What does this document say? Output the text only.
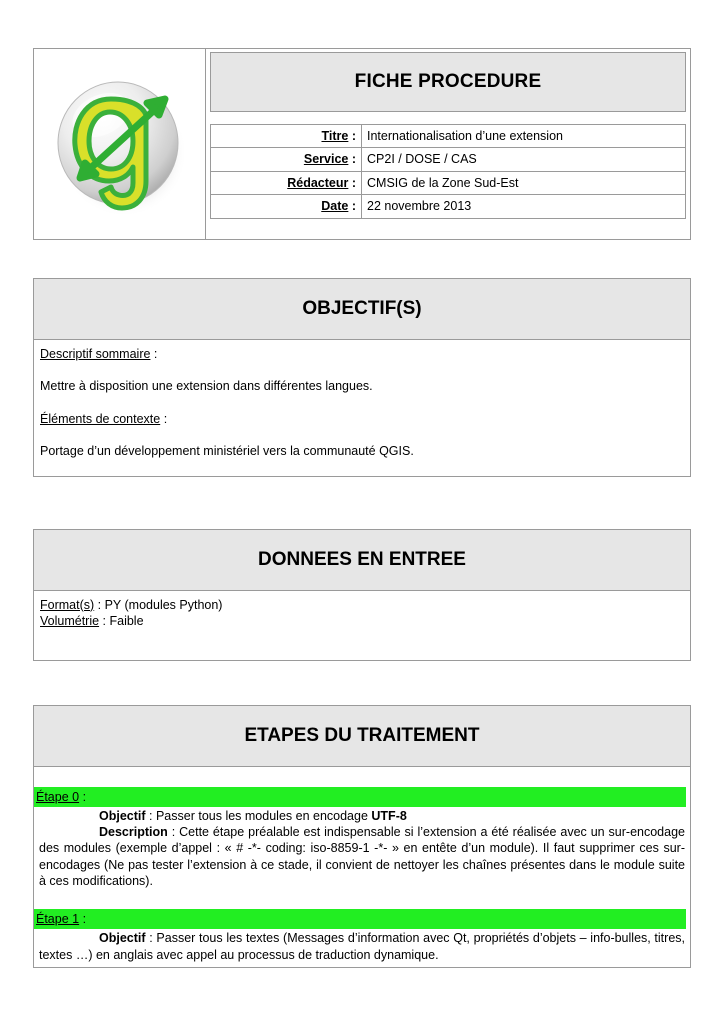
FICHE PROCEDURE
Titre :	Internationalisation d’une extension
Service :	CP2I / DOSE / CAS
Rédacteur :	CMSIG de la Zone Sud-Est
Date :	22 novembre 2013
OBJECTIF(S)
Descriptif sommaire :
Mettre à disposition une extension dans différentes langues.
Éléments de contexte :
Portage d’un développement ministériel vers la communauté QGIS.
DONNEES EN ENTREE
Format(s) : PY (modules Python)
Volumétrie : Faible
ETAPES DU TRAITEMENT
Étape 0 :

Objectif : Passer tous les modules en encodage UTF-8

Description : Cette étape préalable est indispensable si l’extension a été réalisée avec un sur-encodage des modules (exemple d’appel : « # -*- coding: iso-8859-1 -*- » en entête d’un module). Il faut supprimer ces sur-encodages (Ne pas tester l’extension à ce stade, il convient de nettoyer les chaînes présentes dans le module suite à ces modifications).

Étape 1 :

Objectif : Passer tous les textes (Messages d’information avec Qt, propriétés d’objets – info-bulles, titres, textes …) en anglais avec appel au processus de traduction dynamique.
